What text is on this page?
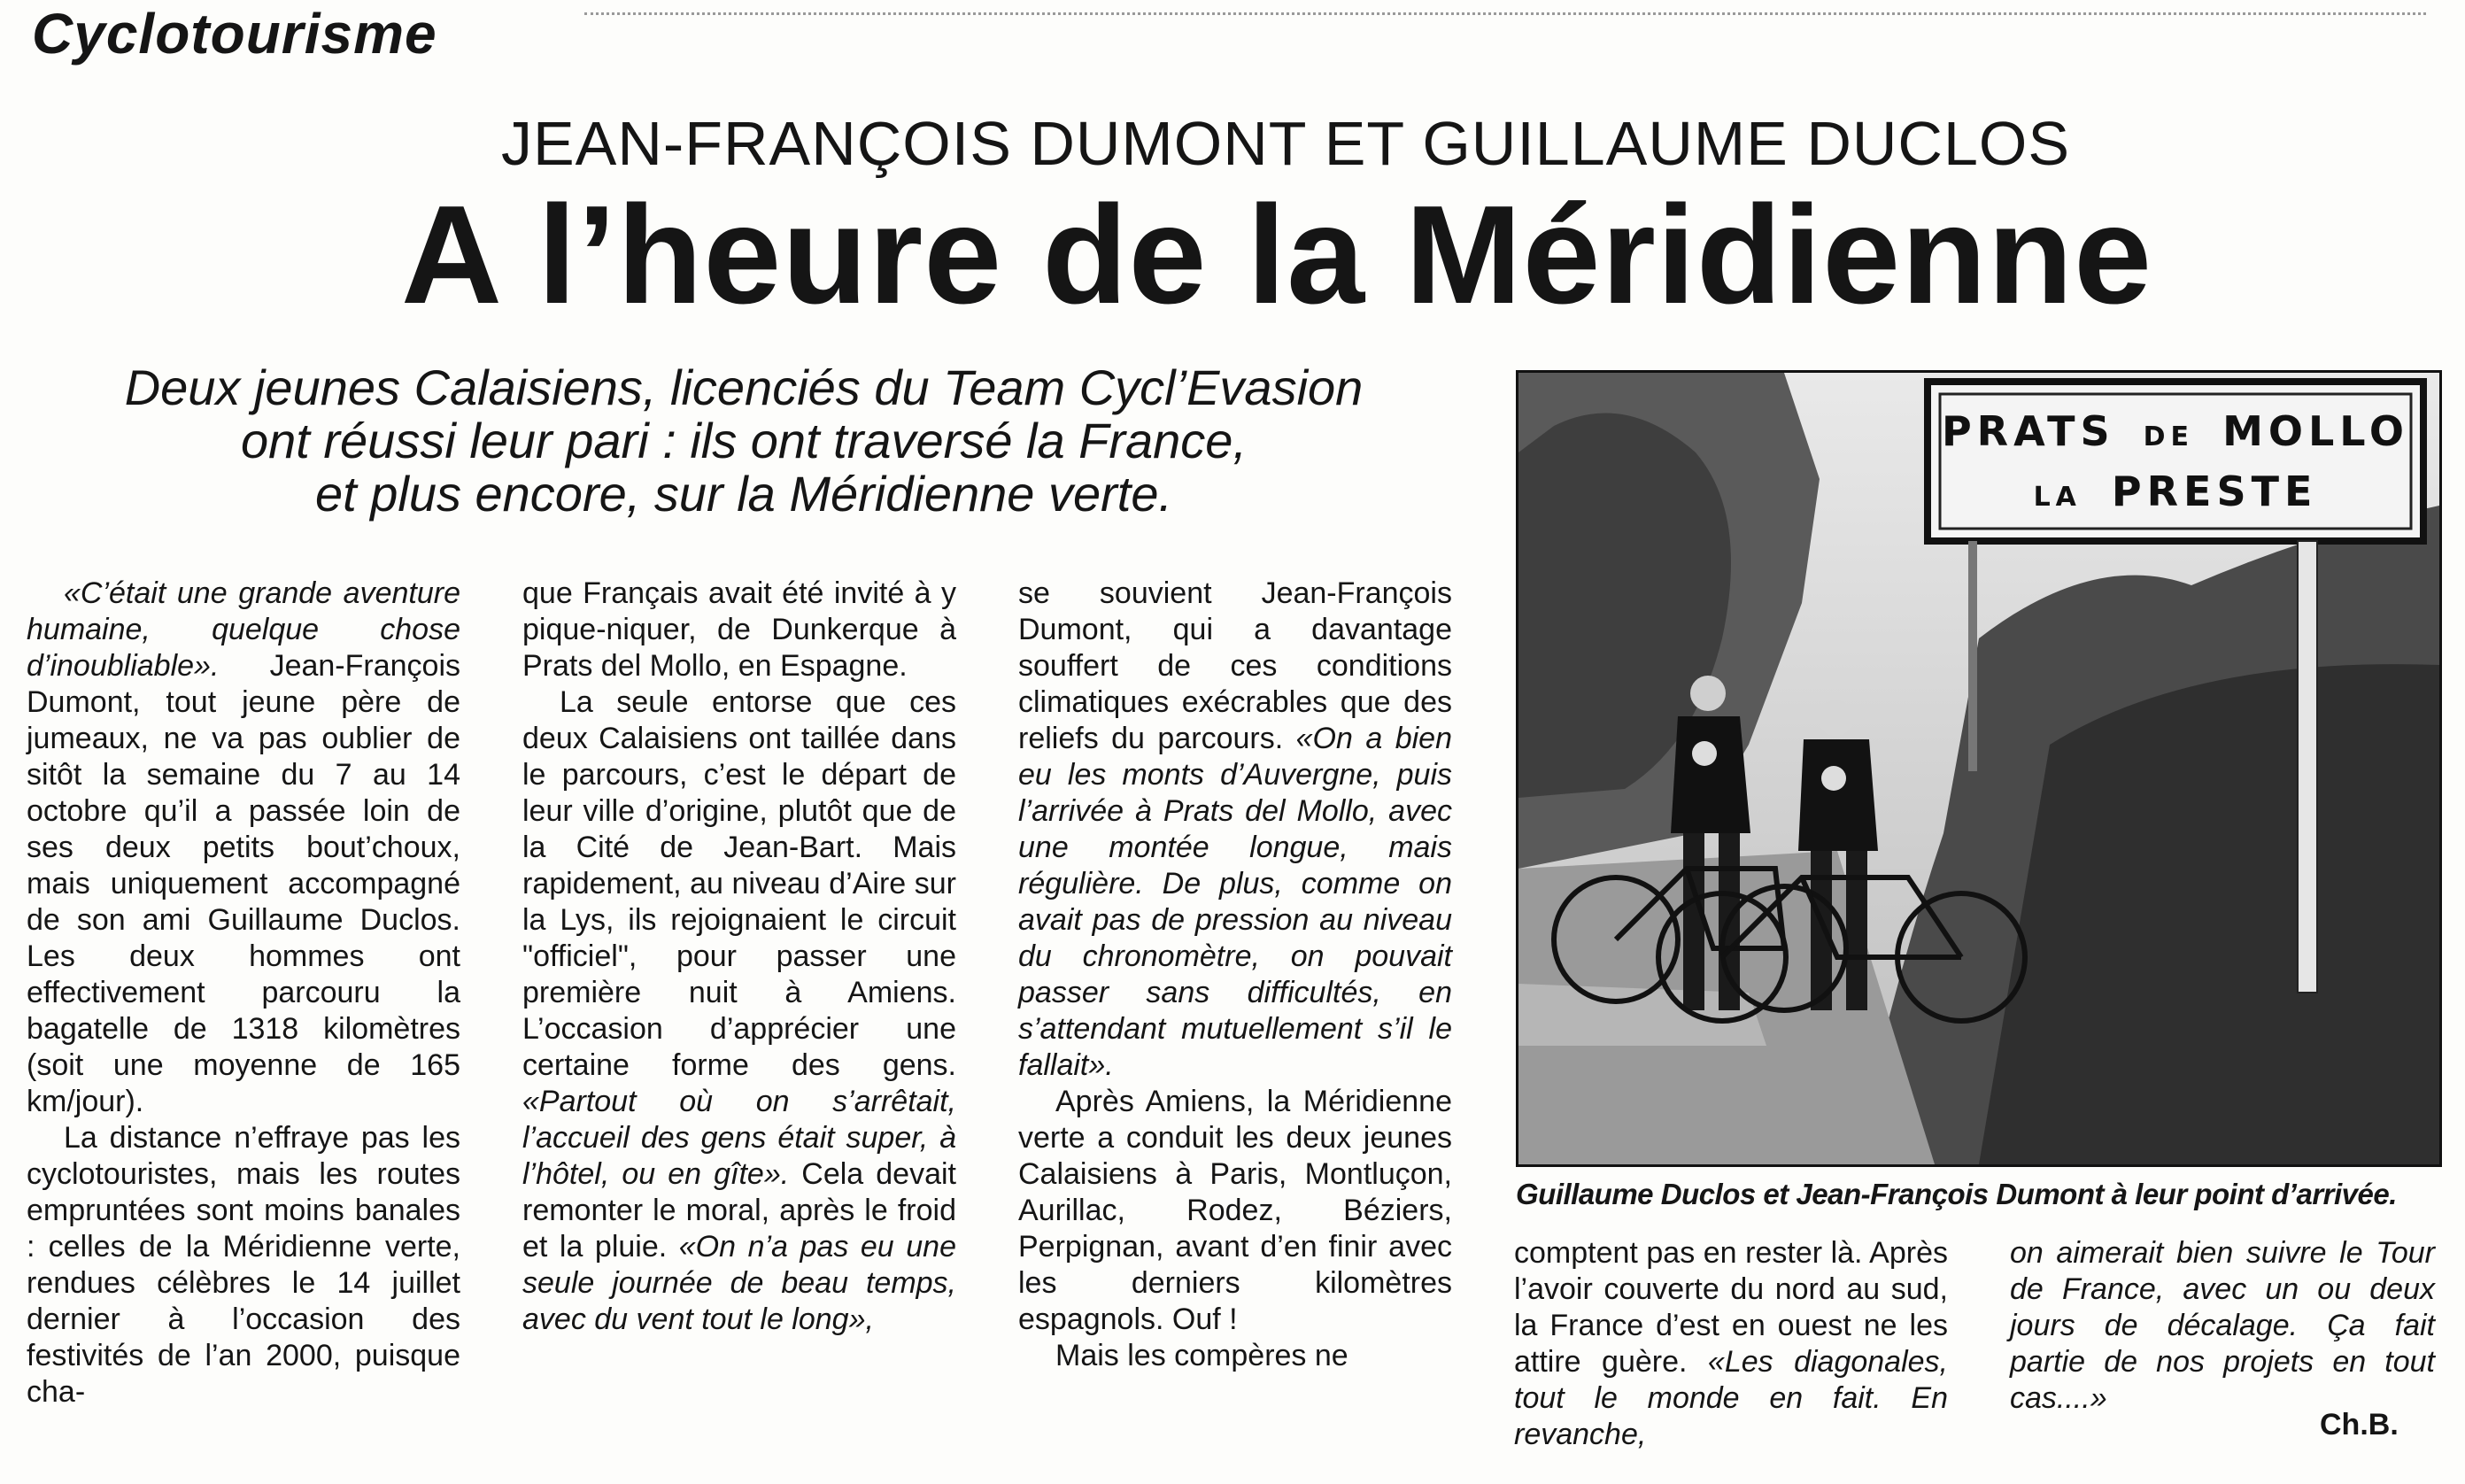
Cyclotourisme
JEAN-FRANÇOIS DUMONT ET GUILLAUME DUCLOS
A l’heure de la Méridienne
Deux jeunes Calaisiens, licenciés du Team Cycl’Evasion
ont réussi leur pari : ils ont traversé la France,
et plus encore, sur la Méridienne verte.

«C’était une grande aventure humaine, quelque chose d’inoubliable». Jean-François Dumont, tout jeune père de jumeaux, ne va pas oublier de sitôt la semaine du 7 au 14 octobre qu’il a passée loin de ses deux petits bout’choux, mais uniquement accompagné de son ami Guillaume Duclos. Les deux hommes ont effectivement parcouru la bagatelle de 1318 kilomètres (soit une moyenne de 165 km/jour).

La distance n’effraye pas les cyclotouristes, mais les routes empruntées sont moins banales : celles de la Méridienne verte, rendues célèbres le 14 juillet dernier à l’occasion des festivités de l’an 2000, puisque cha-

que Français avait été invité à y pique-niquer, de Dunkerque à Prats del Mollo, en Espagne.

La seule entorse que ces deux Calaisiens ont taillée dans le parcours, c’est le départ de leur ville d’origine, plutôt que de la Cité de Jean-Bart. Mais rapidement, au niveau d’Aire sur la Lys, ils rejoignaient le circuit "officiel", pour passer une première nuit à Amiens. L’occasion d’apprécier une certaine forme des gens. «Partout où on s’arrêtait, l’accueil des gens était super, à l’hôtel, ou en gîte». Cela devait remonter le moral, après le froid et la pluie. «On n’a pas eu une seule journée de beau temps, avec du vent tout le long»,

se souvient Jean-François Dumont, qui a davantage souffert de ces conditions climatiques exécrables que des reliefs du parcours. «On a bien eu les monts d’Auvergne, puis l’arrivée à Prats del Mollo, avec une montée longue, mais régulière. De plus, comme on avait pas de pression au niveau du chronomètre, on pouvait passer sans difficultés, en s’attendant mutuellement s’il le fallait».

Après Amiens, la Méridienne verte a conduit les deux jeunes Calaisiens à Paris, Montluçon, Aurillac, Rodez, Béziers, Perpignan, avant d’en finir avec les derniers kilomètres espagnols. Ouf !

Mais les compères ne

PRATS DE MOLLO
LA PRESTE
Guillaume Duclos et Jean-François Dumont à leur point d’arrivée.

comptent pas en rester là. Après l’avoir couverte du nord au sud, la France d’est en ouest ne les attire guère. «Les diagonales, tout le monde en fait. En revanche,

on aimerait bien suivre le Tour de France, avec un ou deux jours de décalage. Ça fait partie de nos projets en tout cas....»

Ch.B.
